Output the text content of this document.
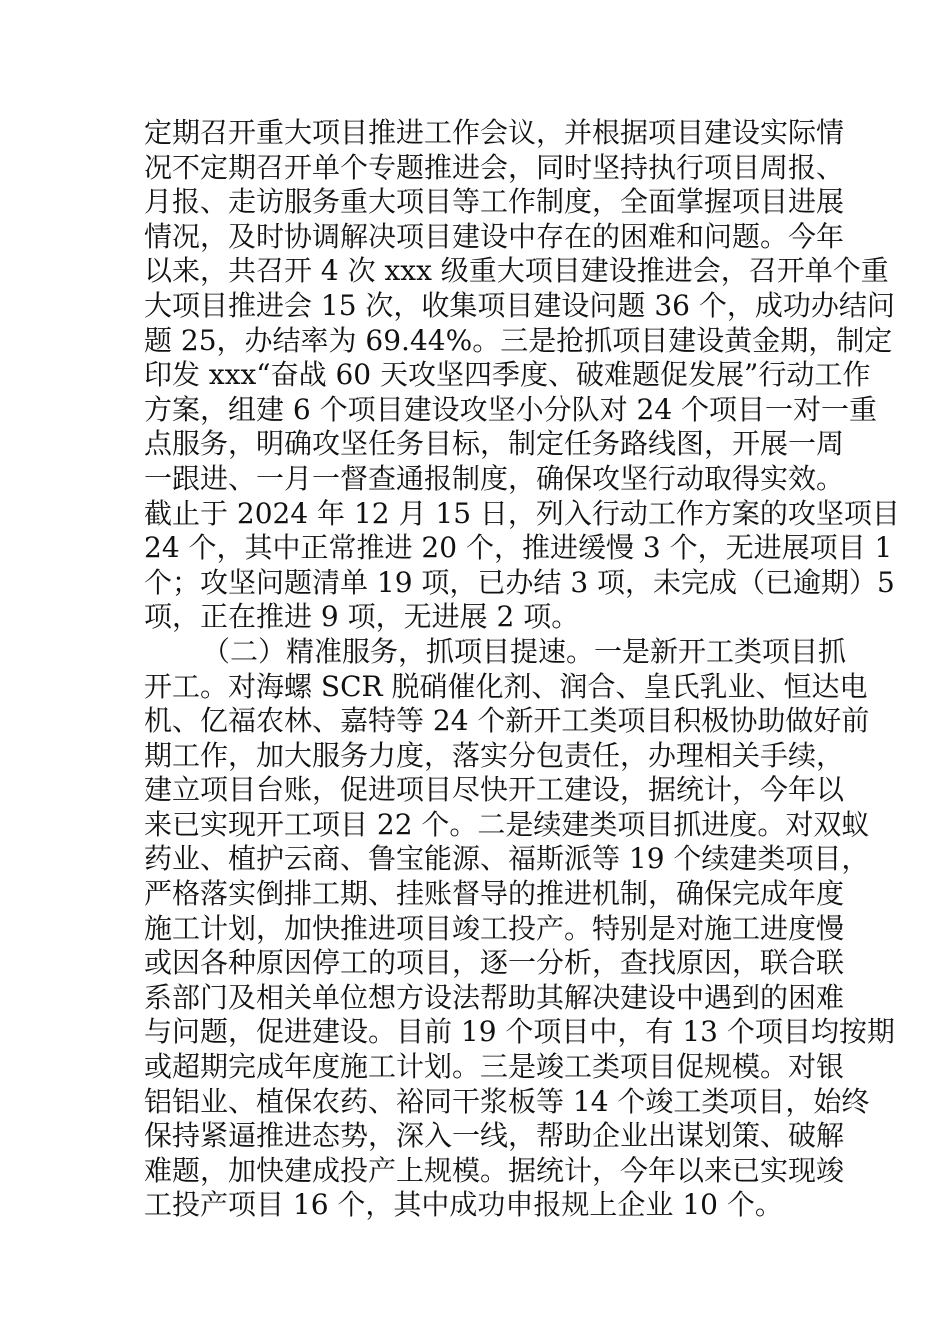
定期召开重大项目推进工作会议，并根据项目建设实际情
况不定期召开单个专题推进会，同时坚持执行项目周报、
月报、走访服务重大项目等工作制度，全面掌握项目进展
情况，及时协调解决项目建设中存在的困难和问题。今年
以来，共召开 4 次 xxx 级重大项目建设推进会，召开单个重
大项目推进会 15 次，收集项目建设问题 36 个，成功办结问
题 25，办结率为 69.44%。三是抢抓项目建设黄金期，制定
印发 xxx“奋战 60 天攻坚四季度、破难题促发展”行动工作
方案，组建 6 个项目建设攻坚小分队对 24 个项目一对一重
点服务，明确攻坚任务目标，制定任务路线图，开展一周
一跟进、一月一督查通报制度，确保攻坚行动取得实效。
截止于 2024 年 12 月 15 日，列入行动工作方案的攻坚项目
24 个，其中正常推进 20 个，推进缓慢 3 个，无进展项目 1
个；攻坚问题清单 19 项，已办结 3 项，未完成（已逾期）5
项，正在推进 9 项，无进展 2 项。
（二）精准服务，抓项目提速。一是新开工类项目抓
开工。对海螺 SCR 脱硝催化剂、润合、皇氏乳业、恒达电
机、亿福农林、嘉特等 24 个新开工类项目积极协助做好前
期工作，加大服务力度，落实分包责任，办理相关手续，
建立项目台账，促进项目尽快开工建设，据统计，今年以
来已实现开工项目 22 个。二是续建类项目抓进度。对双蚁
药业、植护云商、鲁宝能源、福斯派等 19 个续建类项目，
严格落实倒排工期、挂账督导的推进机制，确保完成年度
施工计划，加快推进项目竣工投产。特别是对施工进度慢
或因各种原因停工的项目，逐一分析，查找原因，联合联
系部门及相关单位想方设法帮助其解决建设中遇到的困难
与问题，促进建设。目前 19 个项目中，有 13 个项目均按期
或超期完成年度施工计划。三是竣工类项目促规模。对银
铝铝业、植保农药、裕同干浆板等 14 个竣工类项目，始终
保持紧逼推进态势，深入一线，帮助企业出谋划策、破解
难题，加快建成投产上规模。据统计，今年以来已实现竣
工投产项目 16 个，其中成功申报规上企业 10 个。
